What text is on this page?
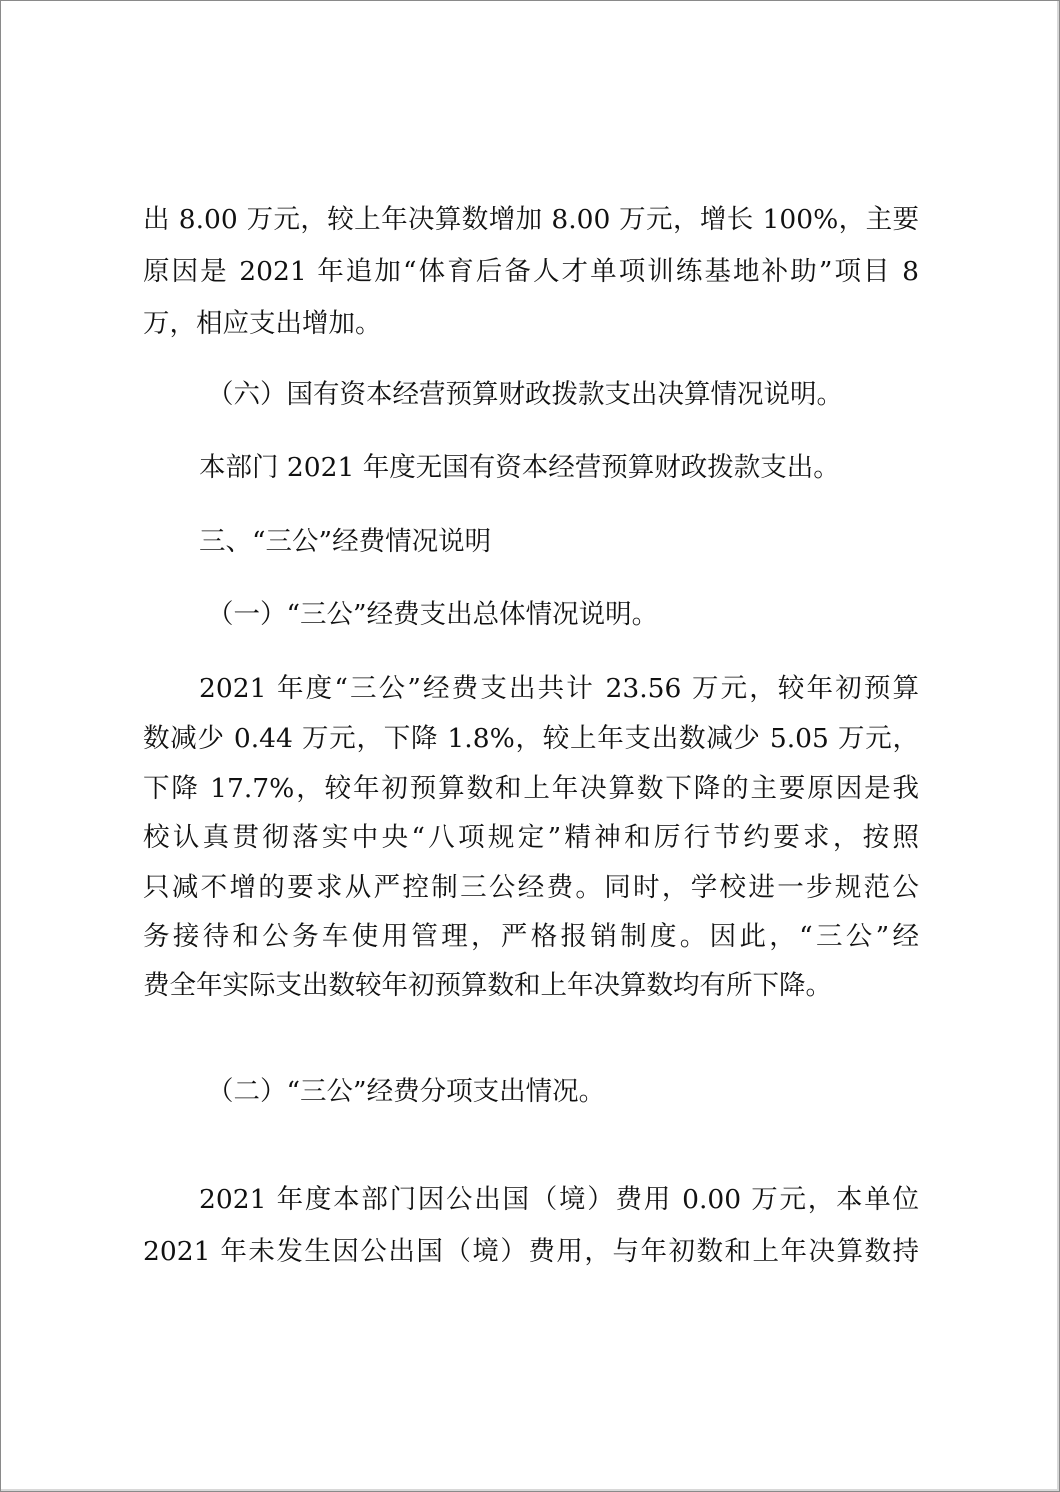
出 8.00 万元，较上年决算数增加 8.00 万元，增长 100%，主要

原因是 2021 年追加“体育后备人才单项训练基地补助”项目 8

万，相应支出增加。

（六）国有资本经营预算财政拨款支出决算情况说明。

本部门 2021 年度无国有资本经营预算财政拨款支出。

三、“三公”经费情况说明

（一）“三公”经费支出总体情况说明。

2021 年度“三公”经费支出共计 23.56 万元，较年初预算

数减少 0.44 万元，下降 1.8%，较上年支出数减少 5.05 万元，

下降 17.7%，较年初预算数和上年决算数下降的主要原因是我

校认真贯彻落实中央“八项规定”精神和厉行节约要求，按照

只减不增的要求从严控制三公经费。同时，学校进一步规范公

务接待和公务车使用管理，严格报销制度。因此，“三公”经

费全年实际支出数较年初预算数和上年决算数均有所下降。

（二）“三公”经费分项支出情况。

2021 年度本部门因公出国（境）费用 0.00 万元，本单位

2021 年未发生因公出国（境）费用，与年初数和上年决算数持
